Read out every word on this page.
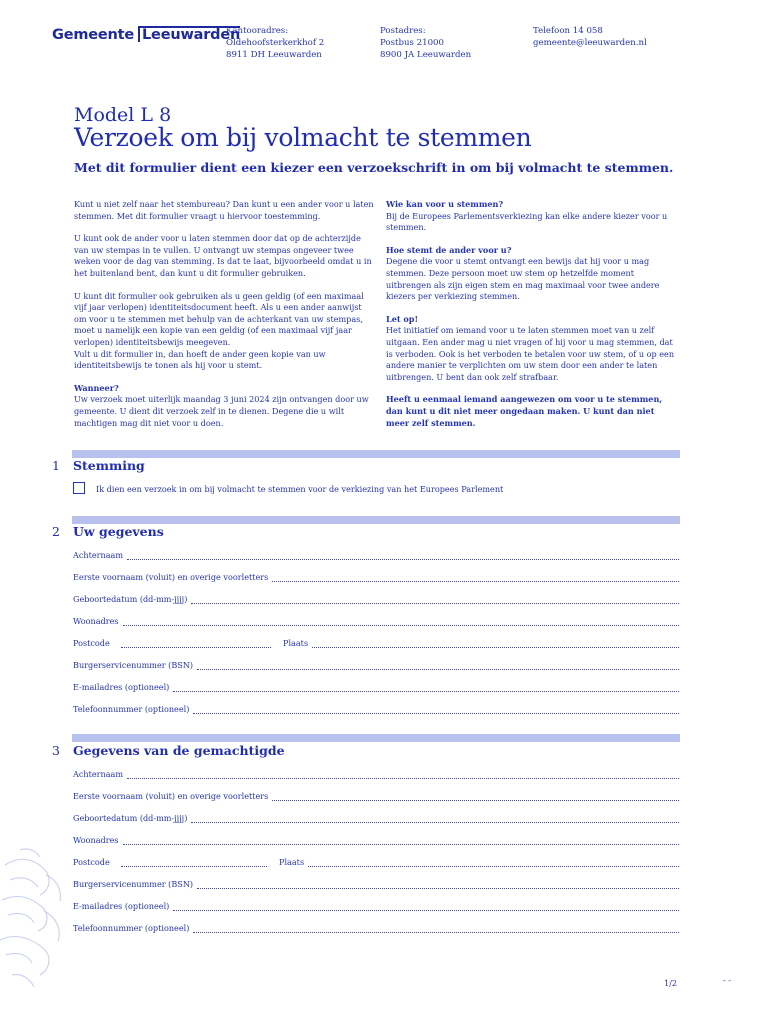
Gemeente Leeuwarden
Kantooradres:
Oldehoofsterkerkhof 2
8911 DH Leeuwarden
Postadres:
Postbus 21000
8900 JA Leeuwarden
Telefoon 14 058
gemeente@leeuwarden.nl
Model L 8
Verzoek om bij volmacht te stemmen
Met dit formulier dient een kiezer een verzoekschrift in om bij volmacht te stemmen.

Kunt u niet zelf naar het stembureau? Dan kunt u een ander voor u laten stemmen. Met dit formulier vraagt u hiervoor toestemming.

U kunt ook de ander voor u laten stemmen door dat op de achterzijde van uw stempas in te vullen. U ontvangt uw stempas ongeveer twee weken voor de dag van stemming. Is dat te laat, bijvoorbeeld omdat u in het buitenland bent, dan kunt u dit formulier gebruiken.

U kunt dit formulier ook gebruiken als u geen geldig (of een maximaal vijf jaar verlopen) identiteitsdocument heeft. Als u een ander aanwijst om voor u te stemmen met behulp van de achterkant van uw stempas, moet u namelijk een kopie van een geldig (of een maximaal vijf jaar verlopen) identiteitsbewijs meegeven.
Vult u dit formulier in, dan hoeft de ander geen kopie van uw identiteitsbewijs te tonen als hij voor u stemt.

Wanneer?

Uw verzoek moet uiterlijk maandag 3 juni 2024 zijn ontvangen door uw gemeente. U dient dit verzoek zelf in te dienen. Degene die u wilt machtigen mag dit niet voor u doen.

Wie kan voor u stemmen?

Bij de Europees Parlementsverkiezing kan elke andere kiezer voor u stemmen.

Hoe stemt de ander voor u?

Degene die voor u stemt ontvangt een bewijs dat hij voor u mag stemmen. Deze persoon moet uw stem op hetzelfde moment uitbrengen als zijn eigen stem en mag maximaal voor twee andere kiezers per verkiezing stemmen.

Let op!

Het initiatief om iemand voor u te laten stemmen moet van u zelf uitgaan. Een ander mag u niet vragen of hij voor u mag stemmen, dat is verboden. Ook is het verboden te betalen voor uw stem, of u op een andere manier te verplichten om uw stem door een ander te laten uitbrengen. U bent dan ook zelf strafbaar.

Heeft u eenmaal iemand aangewezen om voor u te stemmen, dan kunt u dit niet meer ongedaan maken. U kunt dan niet meer zelf stemmen.

1 Stemming
Ik dien een verzoek in om bij volmacht te stemmen voor de verkiezing van het Europees Parlement
2 Uw gegevens
Achternaam
Eerste voornaam (voluit) en overige voorletters
Geboortedatum (dd-mm-jjjj)
Woonadres
Postcode	Plaats
Burgerservicenummer (BSN)
E-mailadres (optioneel)
Telefoonnummer (optioneel)
3 Gegevens van de gemachtigde
Achternaam
Eerste voornaam (voluit) en overige voorletters
Geboortedatum (dd-mm-jjjj)
Woonadres
Postcode	Plaats
Burgerservicenummer (BSN)
E-mailadres (optioneel)
Telefoonnummer (optioneel)
1/2	- -
